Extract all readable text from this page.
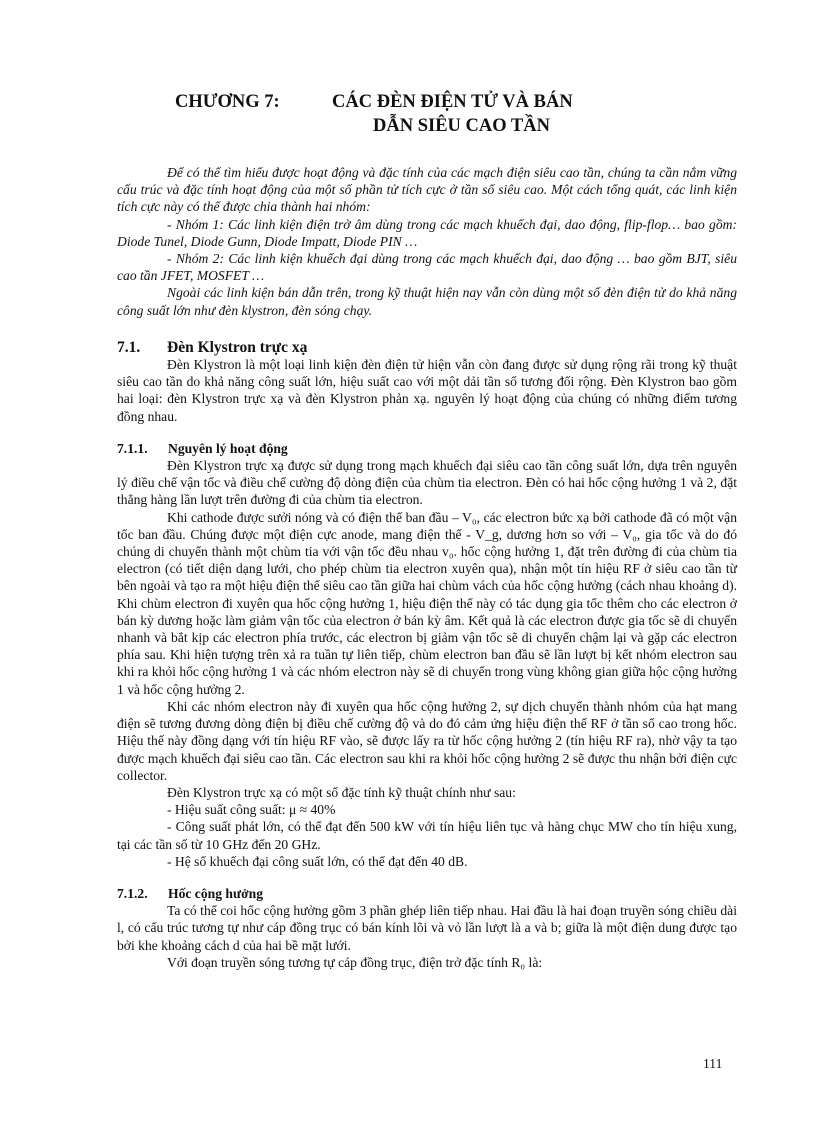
CHƯƠNG 7:	CÁC ĐÈN ĐIỆN TỬ VÀ BÁN
DẪN SIÊU CAO TẦN

Để có thể tìm hiểu được hoạt động và đặc tính của các mạch điện siêu cao tần, chúng ta cần nắm vững cấu trúc và đặc tính hoạt động của một số phần tử tích cực ở tần số siêu cao. Một cách tổng quát, các linh kiện tích cực này có thể được chia thành hai nhóm:

- Nhóm 1: Các linh kiện điện trở âm dùng trong các mạch khuếch đại, dao động, flip-flop… bao gồm: Diode Tunel, Diode Gunn, Diode Impatt, Diode PIN …

- Nhóm 2: Các linh kiện khuếch đại dùng trong các mạch khuếch đại, dao động … bao gồm BJT, siêu cao tần JFET, MOSFET …

Ngoài các linh kiện bán dẫn trên, trong kỹ thuật hiện nay vẫn còn dùng một số đèn điện tử do khả năng công suất lớn như đèn klystron, đèn sóng chạy.

7.1.	Đèn Klystron trực xạ

Đèn Klystron là một loại linh kiện đèn điện tử hiện vẫn còn đang được sử dụng rộng rãi trong kỹ thuật siêu cao tần do khả năng công suất lớn, hiệu suất cao với một dải tần số tương đối rộng. Đèn Klystron bao gồm hai loại: đèn Klystron trực xạ và đèn Klystron phản xạ. nguyên lý hoạt động của chúng có những điểm tương đồng nhau.

7.1.1.	Nguyên lý hoạt động

Đèn Klystron trực xạ được sử dụng trong mạch khuếch đại siêu cao tần công suất lớn, dựa trên nguyên lý điều chế vận tốc và điều chế cường độ dòng điện của chùm tia electron. Đèn có hai hốc cộng hưởng 1 và 2, đặt thẳng hàng lần lượt trên đường đi của chùm tia electron.

Khi cathode được sưởi nóng và có điện thế ban đầu – V₀, các electron bức xạ bởi cathode đã có một vận tốc ban đầu. Chúng được một điện cực anode, mang điện thế - V_g, dương hơn so với – V₀, gia tốc và do đó chúng di chuyển thành một chùm tia với vận tốc đều nhau v₀. hốc cộng hưởng 1, đặt trên đường đi của chùm tia electron (có tiết diện dạng lưới, cho phép chùm tia electron xuyên qua), nhận một tín hiệu RF ở siêu cao tần từ bên ngoài và tạo ra một hiệu điện thế siêu cao tần giữa hai chùm vách của hốc cộng hưởng (cách nhau khoảng d). Khi chùm electron đi xuyên qua hốc cộng hưởng 1, hiệu điện thế này có tác dụng gia tốc thêm cho các electron ở bán kỳ dương hoặc làm giảm vận tốc của electron ở bán kỳ âm. Kết quả là các electron được gia tốc sẽ di chuyển nhanh và bắt kịp các electron phía trước, các electron bị giảm vận tốc sẽ di chuyển chậm lại và gặp các electron phía sau. Khi hiện tượng trên xả ra tuần tự liên tiếp, chùm electron ban đầu sẽ lần lượt bị kết nhóm electron sau khi ra khỏi hốc cộng hưởng 1 và các nhóm electron này sẽ di chuyển trong vùng không gian giữa hộc cộng hưởng 1 và hốc cộng hưởng 2.

Khi các nhóm electron này đi xuyên qua hốc cộng hưởng 2, sự dịch chuyển thành nhóm của hạt mang điện sẽ tương đương dòng điện bị điều chế cường độ và do đó cảm ứng hiệu điện thế RF ở tần số cao trong hốc. Hiệu thế này đồng dạng với tín hiệu RF vào, sẽ được lấy ra từ hốc cộng hưởng 2 (tín hiệu RF ra), nhờ vậy ta tạo được mạch khuếch đại siêu cao tần. Các electron sau khi ra khỏi hốc cộng hưởng 2 sẽ được thu nhận bởi điện cực collector.

Đèn Klystron trực xạ có một số đặc tính kỹ thuật chính như sau:

- Hiệu suất công suất: μ ≈ 40%

- Công suất phát lớn, có thể đạt đến 500 kW với tín hiệu liên tục và hàng chục MW cho tín hiệu xung, tại các tần số từ 10 GHz đến 20 GHz.

- Hệ số khuếch đại công suất lớn, có thể đạt đến 40 dB.

7.1.2.	Hốc cộng hưởng

Ta có thể coi hốc cộng hưởng gồm 3 phần ghép liên tiếp nhau. Hai đầu là hai đoạn truyền sóng chiều dài l, có cấu trúc tương tự như cáp đồng trục có bán kính lõi và vỏ lần lượt là a và b; giữa là một điện dung được tạo bởi khe khoảng cách d của hai bề mặt lưới.

Với đoạn truyền sóng tương tự cáp đồng trục, điện trở đặc tính R₀ là:

111
